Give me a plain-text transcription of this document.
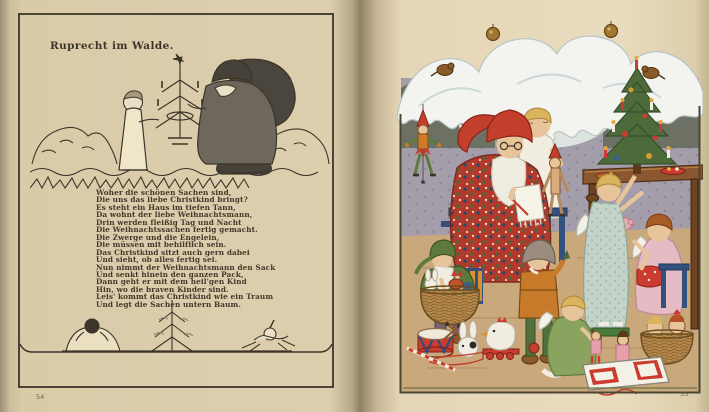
Ruprecht im Walde.
Woher die schönen Sachen sind,
Die uns das liebe Christkind bringt?
Es steht ein Haus im tiefen Tann,
Da wohnt der liebe Weihnachtsmann,
Drin werden fleißig Tag und Nacht
Die Weihnachtssachen fertig gemacht.
Die Zwerge und die Engelein,
Die müssen mit behilflich sein.
Das Christkind sitzt auch gern dabei
Und sieht, ob alles fertig sei.
Nun nimmt der Weihnachtsmann den Sack
Und senkt hinein den ganzen Pack,
Dann geht er mit dem heil'gen Kind
Hin, wo die braven Kinder sind.
Leis' kommt das Christkind wie ein Traum
Und legt die Sachen untern Baum.
54	55
